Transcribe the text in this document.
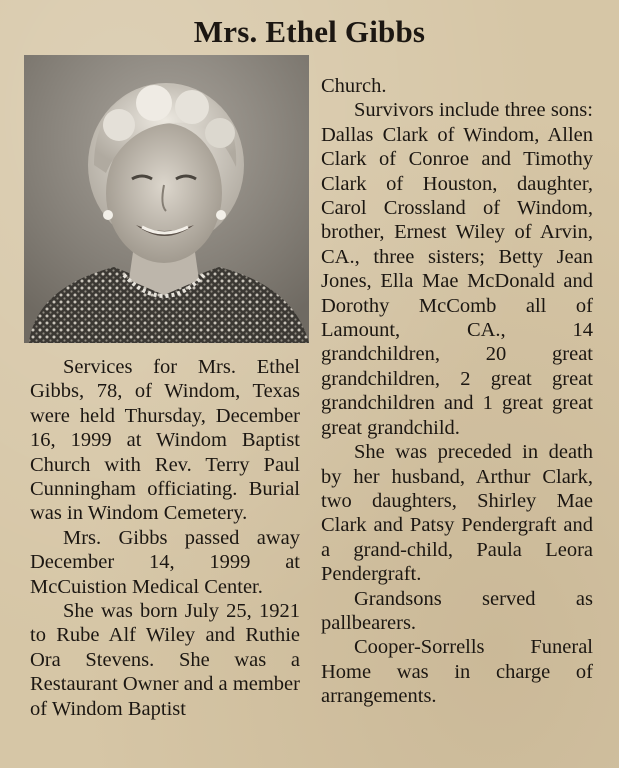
Mrs. Ethel Gibbs

Services for Mrs. Ethel Gibbs, 78, of Windom, Texas were held Thursday, December 16, 1999 at Windom Baptist Church with Rev. Terry Paul Cunningham officiating. Burial was in Windom Cemetery.

Mrs. Gibbs passed away December 14, 1999 at McCuistion Medical Center.

She was born July 25, 1921 to Rube Alf Wiley and Ruthie Ora Stevens. She was a Restaurant Owner and a member of Windom Baptist

Church.

Survivors include three sons: Dallas Clark of Windom, Allen Clark of Conroe and Timothy Clark of Houston, daughter, Carol Crossland of Windom, brother, Ernest Wiley of Arvin, CA., three sisters; Betty Jean Jones, Ella Mae McDonald and Dorothy McComb all of Lamount, CA., 14 grandchildren, 20 great grandchildren, 2 great great grandchildren and 1 great great great grandchild.

She was preceded in death by her husband, Arthur Clark, two daughters, Shirley Mae Clark and Patsy Pendergraft and a grand-child, Paula Leora Pendergraft.

Grandsons served as pallbearers.

Cooper-Sorrells Funeral Home was in charge of arrangements.
